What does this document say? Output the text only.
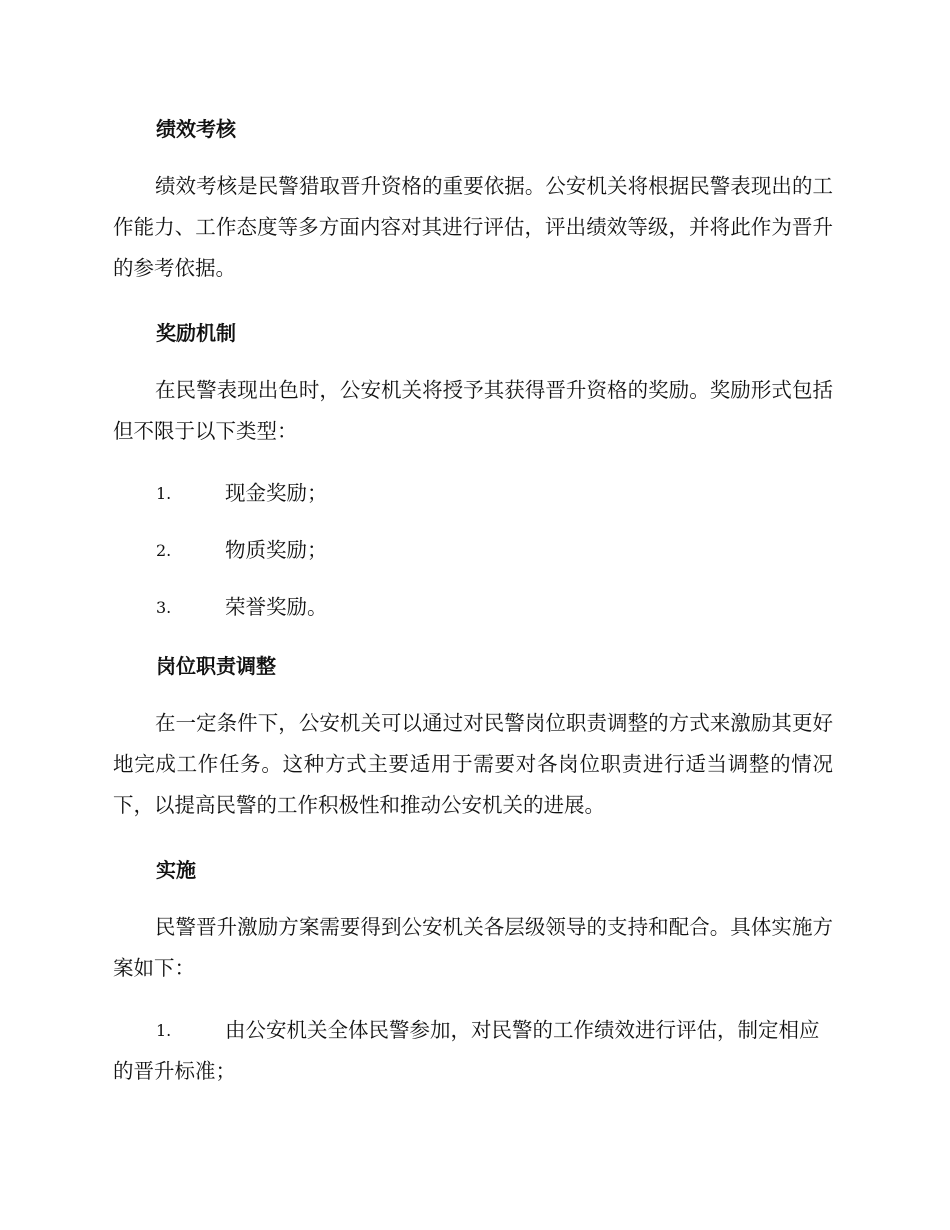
绩效考核

绩效考核是民警猎取晋升资格的重要依据。公安机关将根据民警表现出的工作能力、工作态度等多方面内容对其进行评估，评出绩效等级，并将此作为晋升的参考依据。

奖励机制

在民警表现出色时，公安机关将授予其获得晋升资格的奖励。奖励形式包括但不限于以下类型：

1.	现金奖励；
2.	物质奖励；
3.	荣誉奖励。
岗位职责调整

在一定条件下，公安机关可以通过对民警岗位职责调整的方式来激励其更好地完成工作任务。这种方式主要适用于需要对各岗位职责进行适当调整的情况下，以提高民警的工作积极性和推动公安机关的进展。

实施

民警晋升激励方案需要得到公安机关各层级领导的支持和配合。具体实施方案如下：

1.	由公安机关全体民警参加，对民警的工作绩效进行评估，制定相应的晋升标准；
